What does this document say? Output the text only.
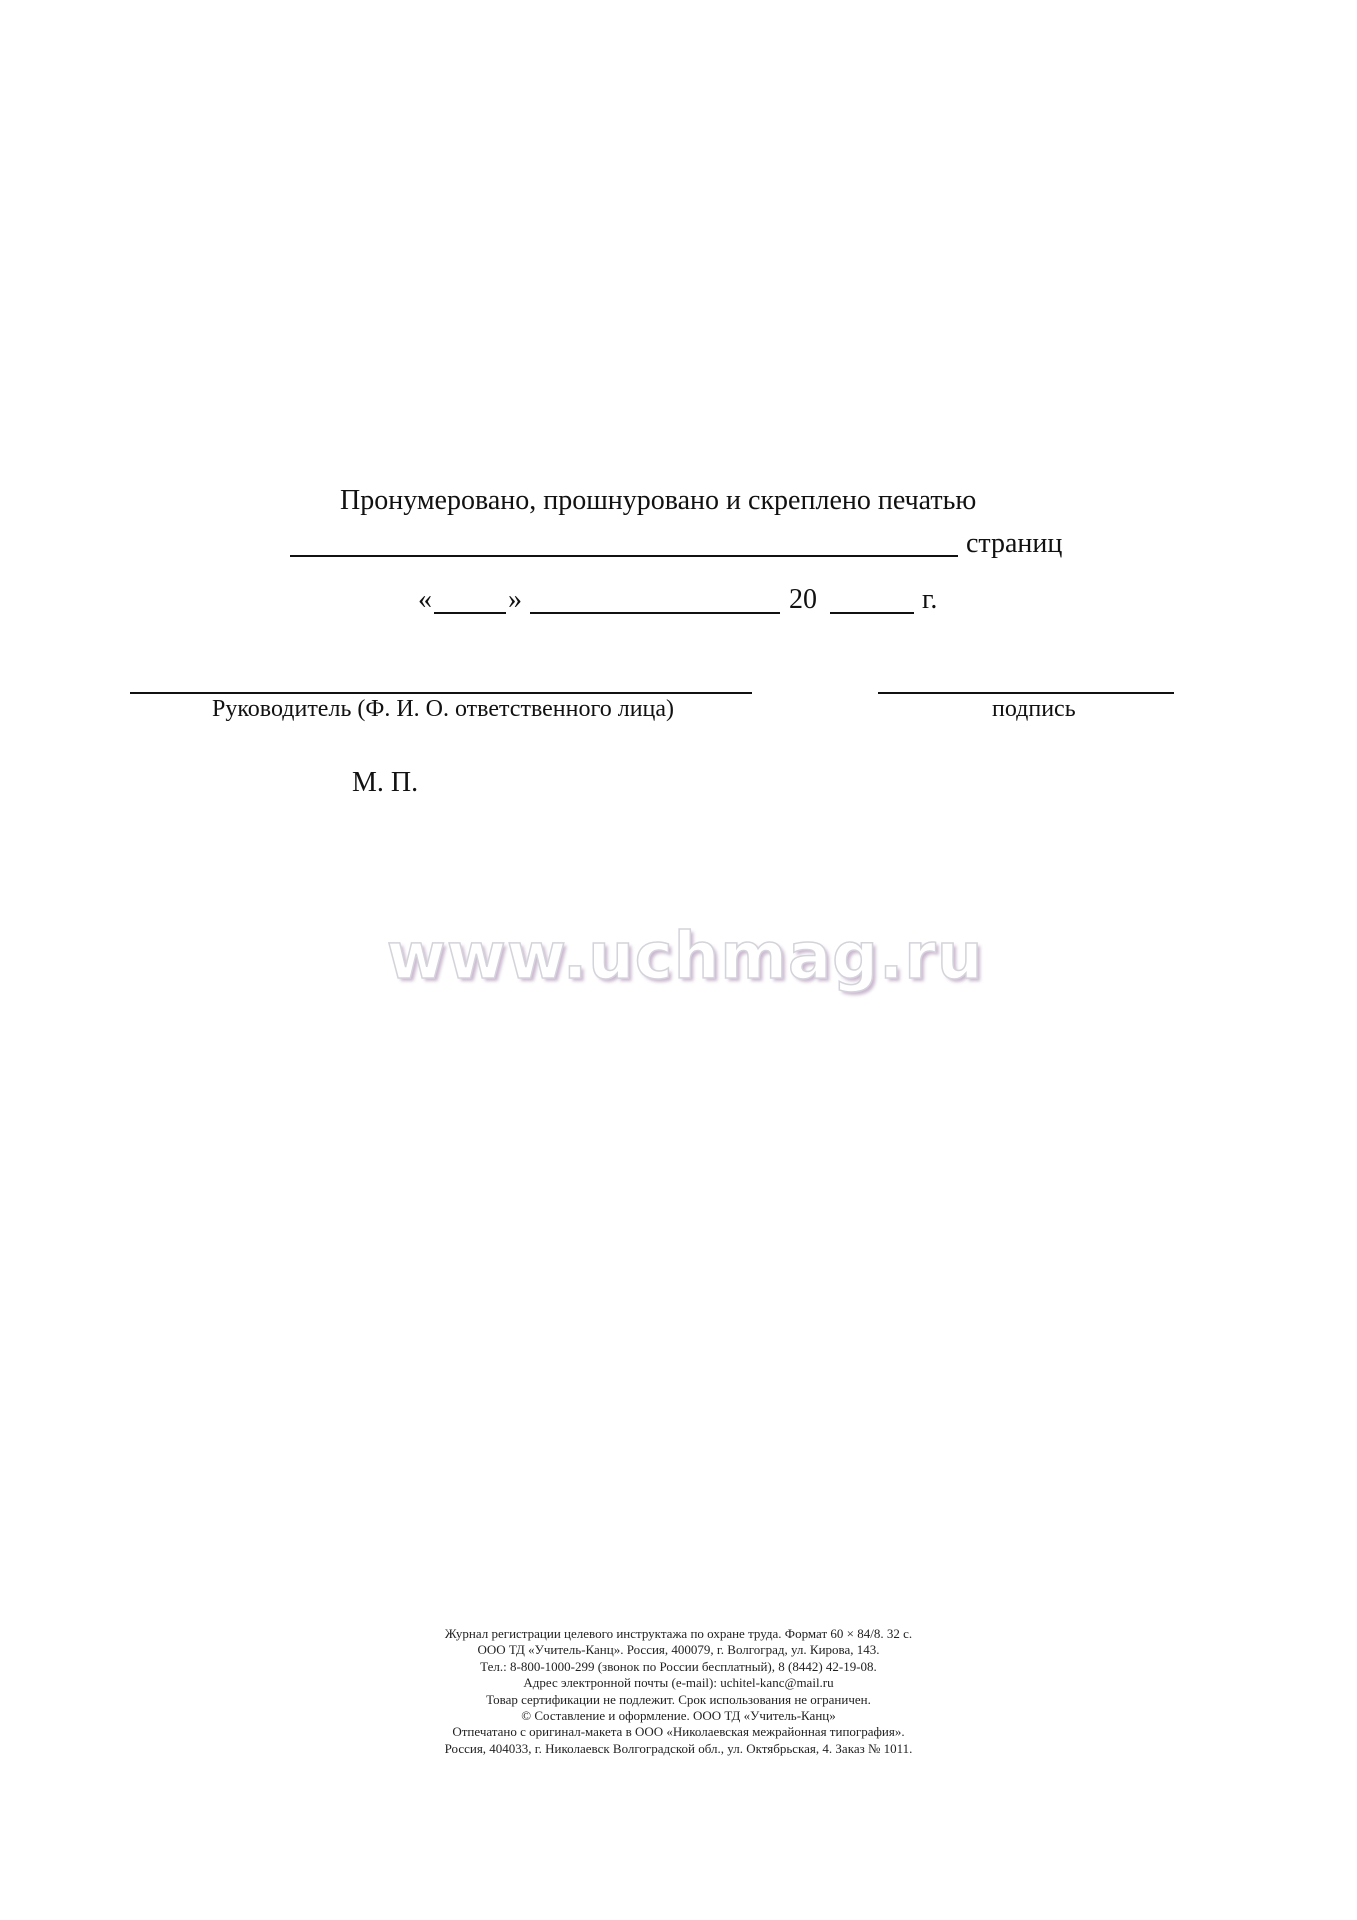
Пронумеровано, прошнуровано и скреплено печатью
страниц
«	»	20	г.
Руководитель (Ф. И. О. ответственного лица)	подпись
М. П.
www.uchmag.ru
Журнал регистрации целевого инструктажа по охране труда. Формат 60 × 84/8. 32 с.
ООО ТД «Учитель-Канц». Россия, 400079, г. Волгоград, ул. Кирова, 143.
Тел.: 8-800-1000-299 (звонок по России бесплатный), 8 (8442) 42-19-08.
Адрес электронной почты (e-mail): uchitel-kanc@mail.ru
Товар сертификации не подлежит. Срок использования не ограничен.
© Составление и оформление. ООО ТД «Учитель-Канц»
Отпечатано с оригинал-макета в ООО «Николаевская межрайонная типография».
Россия, 404033, г. Николаевск Волгоградской обл., ул. Октябрьская, 4. Заказ № 1011.
